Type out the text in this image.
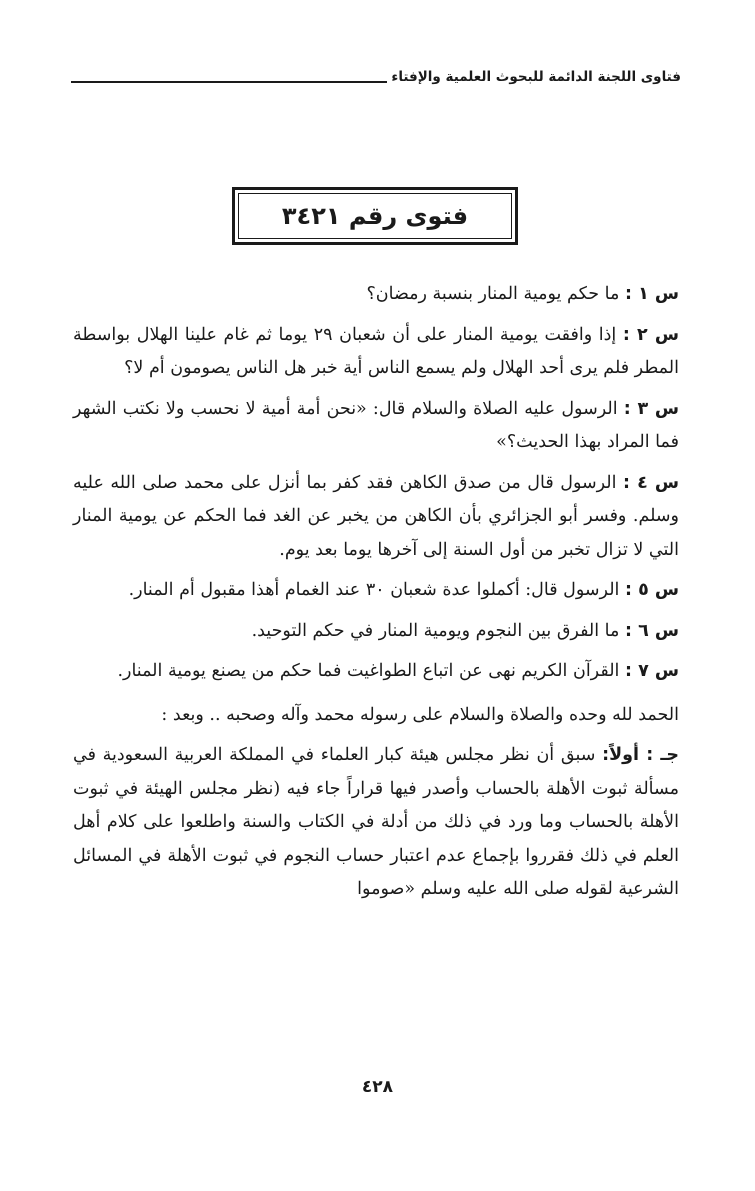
فتاوى اللجنة الدائمة للبحوث العلمية والإفتاء
فتوى رقم ٣٤٢١

س ١ : ما حكم يومية المنار بنسبة رمضان؟

س ٢ : إذا وافقت يومية المنار على أن شعبان ٢٩ يوما ثم غام علينا الهلال بواسطة المطر فلم يرى أحد الهلال ولم يسمع الناس أية خبر هل الناس يصومون أم لا؟

س ٣ : الرسول عليه الصلاة والسلام قال: «نحن أمة أمية لا نحسب ولا نكتب الشهر فما المراد بهذا الحديث؟»

س ٤ : الرسول قال من صدق الكاهن فقد كفر بما أنزل على محمد صلى الله عليه وسلم. وفسر أبو الجزائري بأن الكاهن من يخبر عن الغد فما الحكم عن يومية المنار التي لا تزال تخبر من أول السنة إلى آخرها يوما بعد يوم.

س ٥ : الرسول قال: أكملوا عدة شعبان ٣٠ عند الغمام أهذا مقبول أم المنار.

س ٦ : ما الفرق بين النجوم ويومية المنار في حكم التوحيد.

س ٧ : القرآن الكريم نهى عن اتباع الطواغيت فما حكم من يصنع يومية المنار.

الحمد لله وحده والصلاة والسلام على رسوله محمد وآله وصحبه .. وبعد :

جـ : أولاً: سبق أن نظر مجلس هيئة كبار العلماء في المملكة العربية السعودية في مسألة ثبوت الأهلة بالحساب وأصدر فيها قراراً جاء فيه (نظر مجلس الهيئة في ثبوت الأهلة بالحساب وما ورد في ذلك من أدلة في الكتاب والسنة واطلعوا على كلام أهل العلم في ذلك فقرروا بإجماع عدم اعتبار حساب النجوم في ثبوت الأهلة في المسائل الشرعية لقوله صلى الله عليه وسلم «صوموا

٤٢٨
